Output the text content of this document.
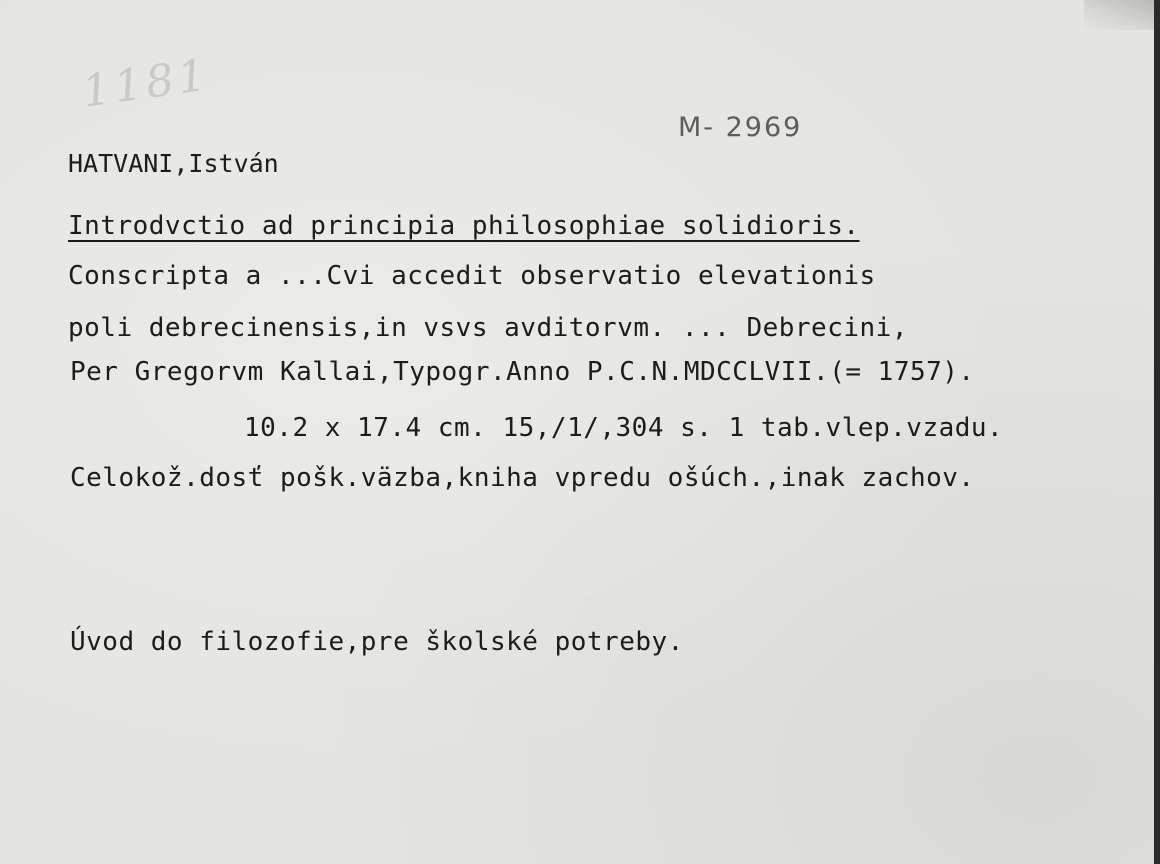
1181
M- 2969
HATVANI,István
Introdvctio ad principia philosophiae solidioris.
Conscripta a ...Cvi accedit observatio elevationis
poli debrecinensis,in vsvs avditorvm. ... Debrecini,
Per Gregorvm Kallai,Typogr.Anno P.C.N.MDCCLVII.(= 1757).
10.2 x 17.4 cm. 15,/1/,304 s. 1 tab.vlep.vzadu.
Celokož.dosť pošk.väzba,kniha vpredu ošúch.,inak zachov.
Úvod do filozofie,pre školské potreby.
